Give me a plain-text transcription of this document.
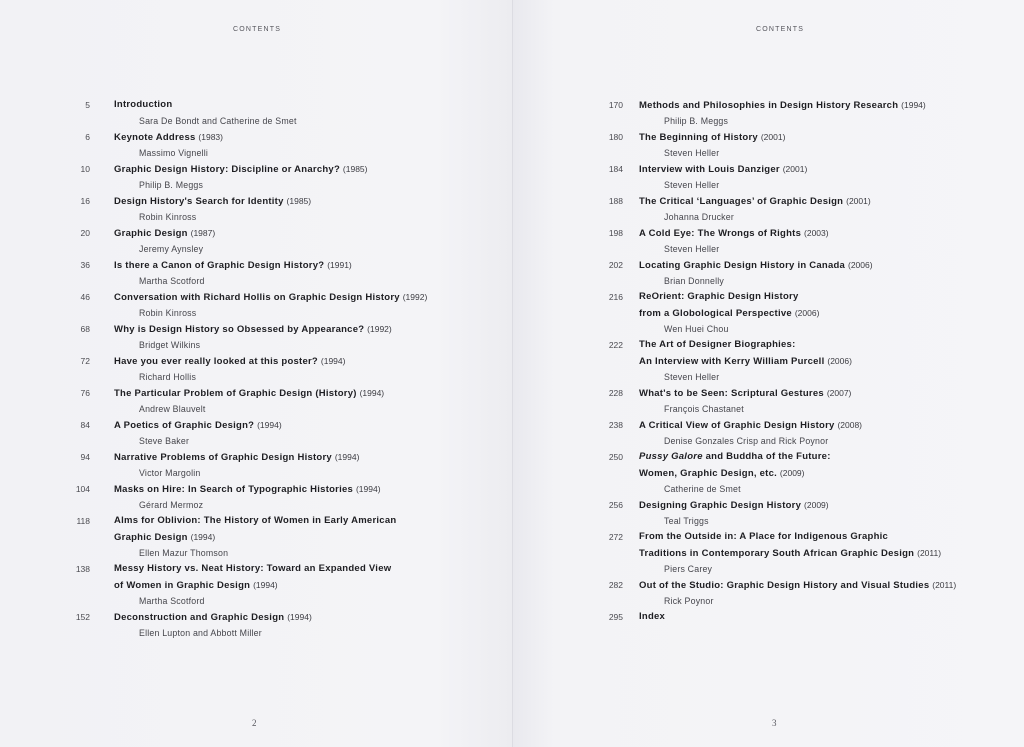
CONTENTS
5	Introduction
Sara De Bondt and Catherine de Smet
6	Keynote Address (1983)
Massimo Vignelli
10	Graphic Design History: Discipline or Anarchy? (1985)
Philip B. Meggs
16	Design History's Search for Identity (1985)
Robin Kinross
20	Graphic Design (1987)
Jeremy Aynsley
36	Is there a Canon of Graphic Design History? (1991)
Martha Scotford
46	Conversation with Richard Hollis on Graphic Design History (1992)
Robin Kinross
68	Why is Design History so Obsessed by Appearance? (1992)
Bridget Wilkins
72	Have you ever really looked at this poster? (1994)
Richard Hollis
76	The Particular Problem of Graphic Design (History) (1994)
Andrew Blauvelt
84	A Poetics of Graphic Design? (1994)
Steve Baker
94	Narrative Problems of Graphic Design History (1994)
Victor Margolin
104	Masks on Hire: In Search of Typographic Histories (1994)
Gérard Mermoz
118	Alms for Oblivion: The History of Women in Early American
Graphic Design (1994)
Ellen Mazur Thomson
138	Messy History vs. Neat History: Toward an Expanded View
of Women in Graphic Design (1994)
Martha Scotford
152	Deconstruction and Graphic Design (1994)
Ellen Lupton and Abbott Miller
2
CONTENTS
170	Methods and Philosophies in Design History Research (1994)
Philip B. Meggs
180	The Beginning of History (2001)
Steven Heller
184	Interview with Louis Danziger (2001)
Steven Heller
188	The Critical ‘Languages’ of Graphic Design (2001)
Johanna Drucker
198	A Cold Eye: The Wrongs of Rights (2003)
Steven Heller
202	Locating Graphic Design History in Canada (2006)
Brian Donnelly
216	ReOrient: Graphic Design History
from a Globological Perspective (2006)
Wen Huei Chou
222	The Art of Designer Biographies:
An Interview with Kerry William Purcell (2006)
Steven Heller
228	What's to be Seen: Scriptural Gestures (2007)
François Chastanet
238	A Critical View of Graphic Design History (2008)
Denise Gonzales Crisp and Rick Poynor
250	Pussy Galore and Buddha of the Future:
Women, Graphic Design, etc. (2009)
Catherine de Smet
256	Designing Graphic Design History (2009)
Teal Triggs
272	From the Outside in: A Place for Indigenous Graphic
Traditions in Contemporary South African Graphic Design (2011)
Piers Carey
282	Out of the Studio: Graphic Design History and Visual Studies (2011)
Rick Poynor
295	Index
3
